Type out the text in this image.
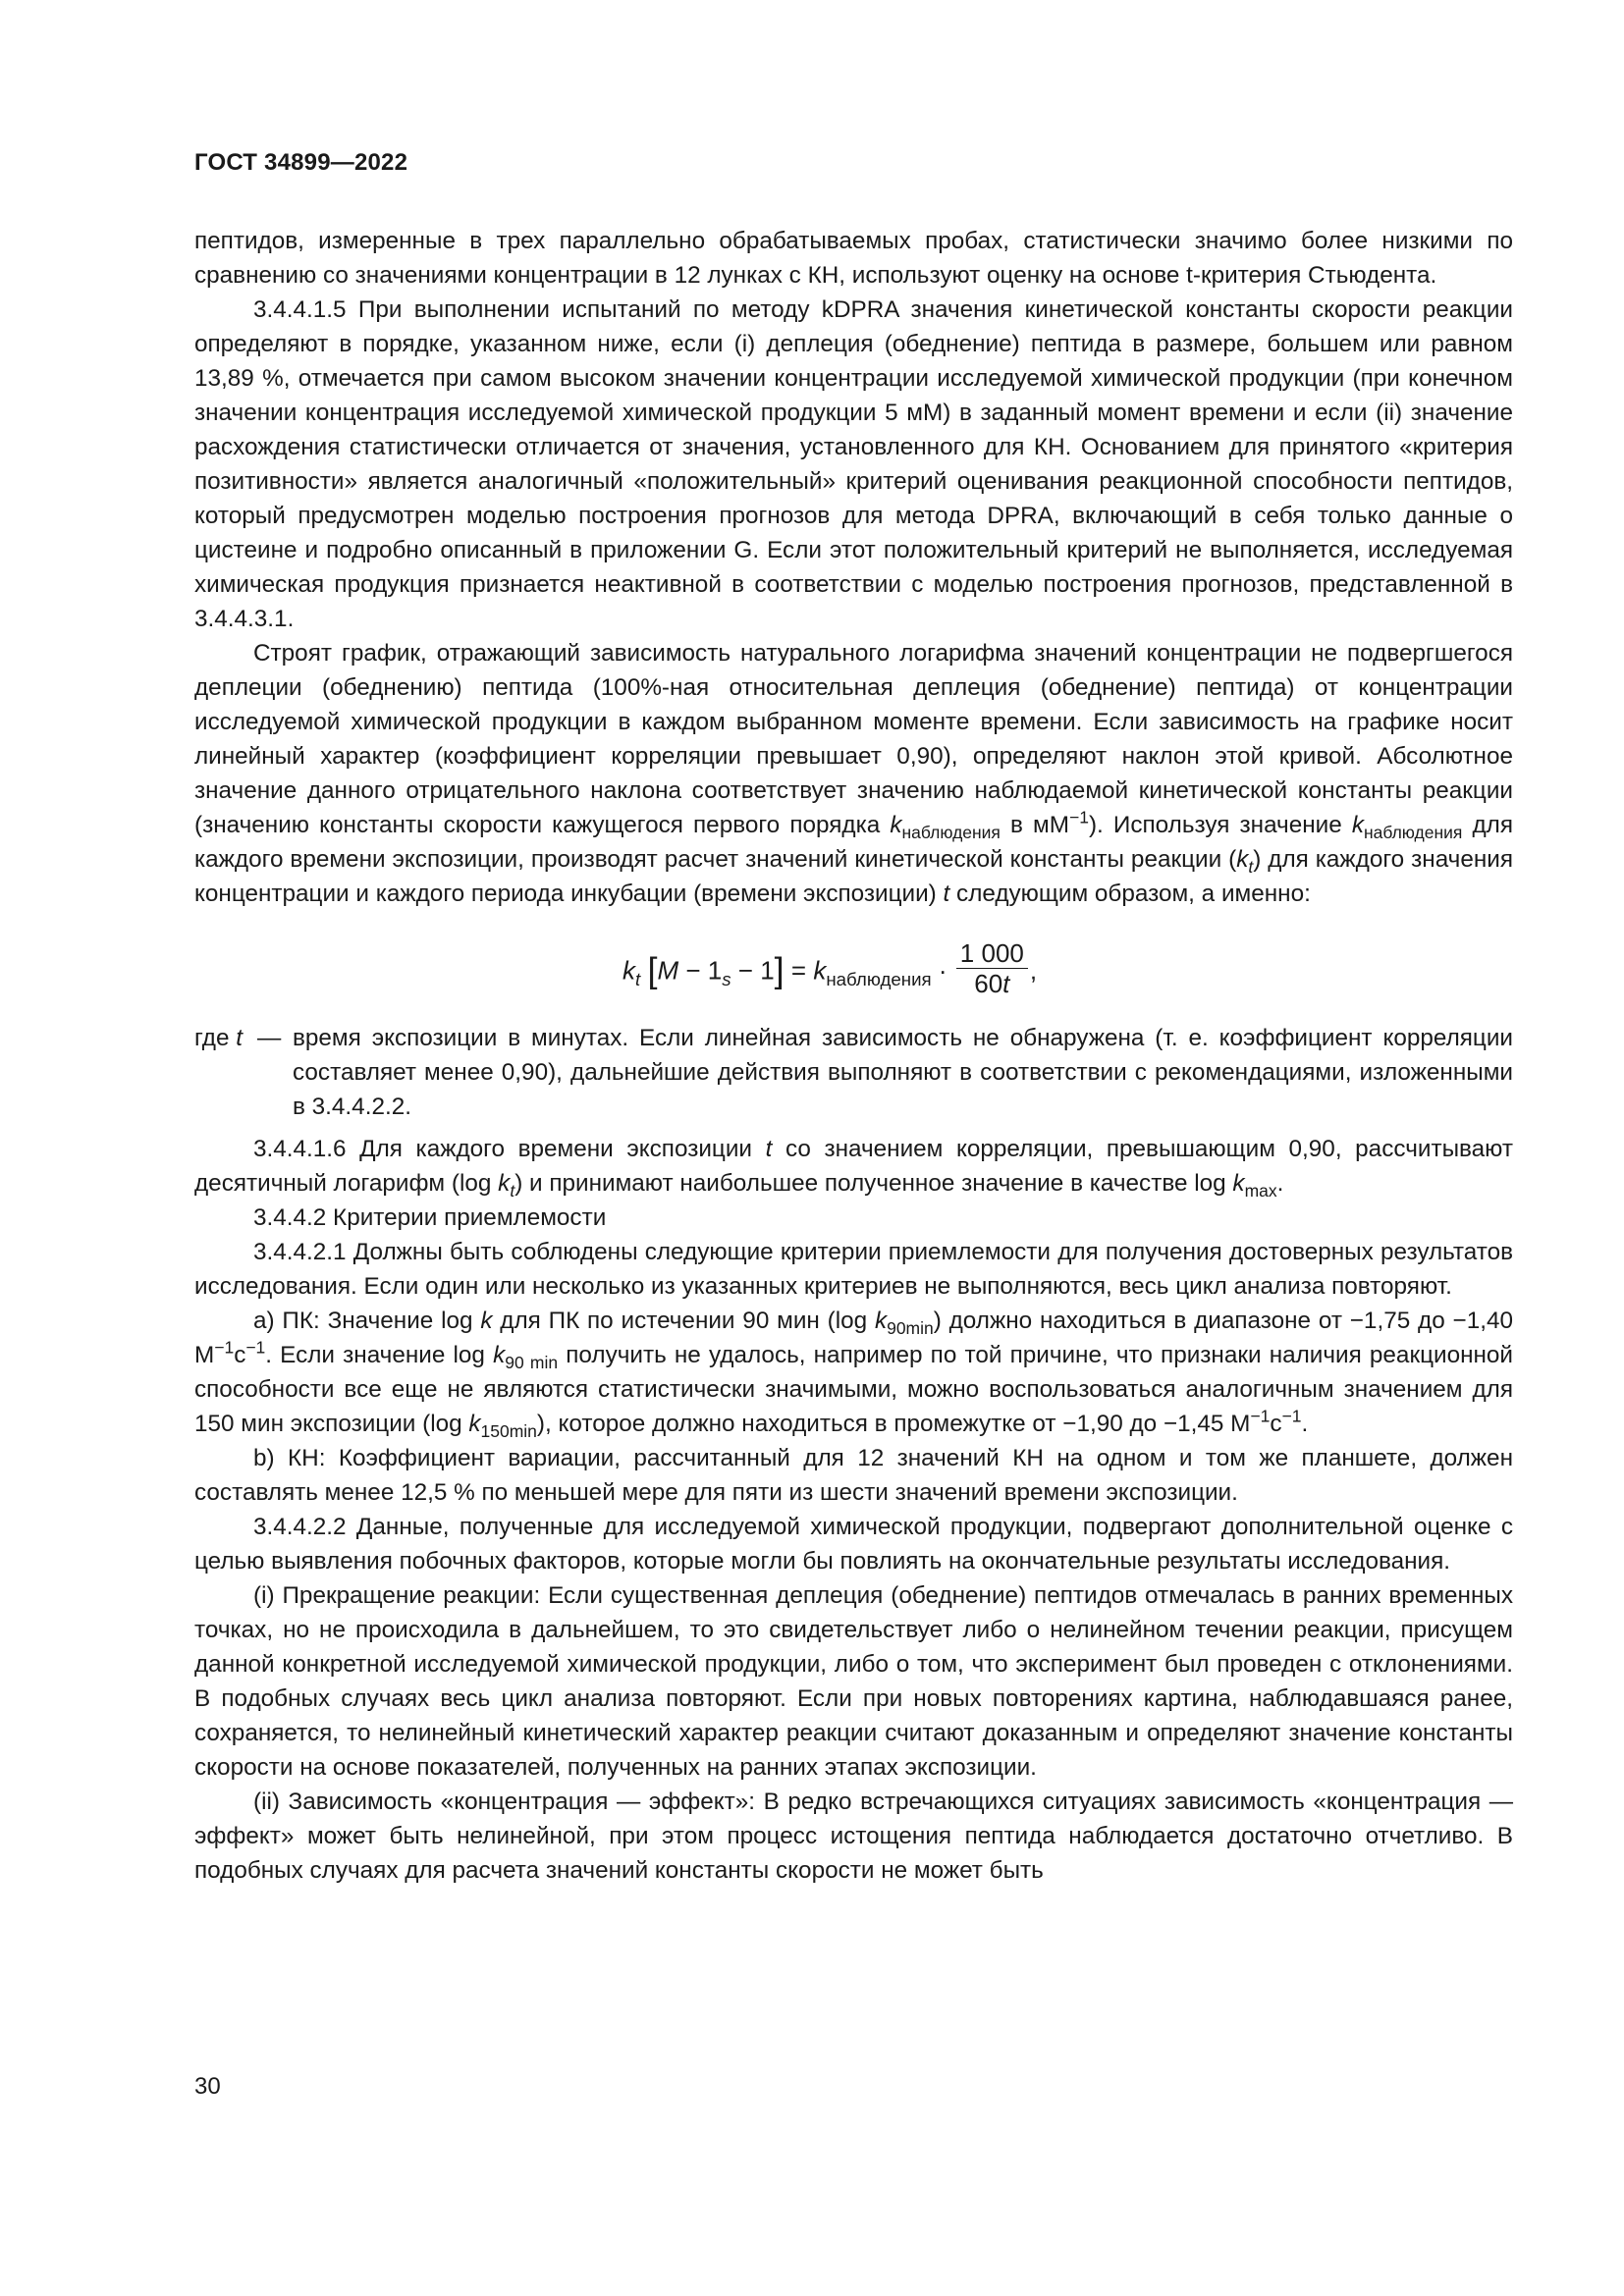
ГОСТ 34899—2022

пептидов, измеренные в трех параллельно обрабатываемых пробах, статистически значимо более низкими по сравнению со значениями концентрации в 12 лунках с КН, используют оценку на основе t-критерия Стьюдента.

3.4.4.1.5 При выполнении испытаний по методу kDPRA значения кинетической константы скорости реакции определяют в порядке, указанном ниже, если (i) деплеция (обеднение) пептида в размере, большем или равном 13,89 %, отмечается при самом высоком значении концентрации исследуемой химической продукции (при конечном значении концентрация исследуемой химической продукции 5 мМ) в заданный момент времени и если (ii) значение расхождения статистически отличается от значения, установленного для КН. Основанием для принятого «критерия позитивности» является аналогичный «положительный» критерий оценивания реакционной способности пептидов, который предусмотрен моделью построения прогнозов для метода DPRA, включающий в себя только данные о цистеине и подробно описанный в приложении G. Если этот положительный критерий не выполняется, исследуемая химическая продукция признается неактивной в соответствии с моделью построения прогнозов, представленной в 3.4.4.3.1.

Строят график, отражающий зависимость натурального логарифма значений концентрации не подвергшегося деплеции (обеднению) пептида (100%-ная относительная деплеция (обеднение) пептида) от концентрации исследуемой химической продукции в каждом выбранном моменте времени. Если зависимость на графике носит линейный характер (коэффициент корреляции превышает 0,90), определяют наклон этой кривой. Абсолютное значение данного отрицательного наклона соответствует значению наблюдаемой кинетической константы реакции (значению константы скорости кажущегося первого порядка $k_{наблюдения}$ в $мМ^{-1}$). Используя значение $k_{наблюдения}$ для каждого времени экспозиции, производят расчет значений кинетической константы реакции $(k_t)$ для каждого значения концентрации и каждого периода инкубации (времени экспозиции) t следующим образом, а именно:

$k_t$ $[M - 1_s - 1] = k_{наблюдения} \cdot \frac{1 000}{60t}$ ,
где t — время экспозиции в минутах. Если линейная зависимость не обнаружена (т. е. коэффициент корреляции составляет менее 0,90), дальнейшие действия выполняют в соответствии с рекомендациями, изложенными в 3.4.4.2.2.

3.4.4.1.6 Для каждого времени экспозиции t со значением корреляции, превышающим 0,90, рассчитывают десятичный логарифм (log $k_t$) и принимают наибольшее полученное значение в качестве $\log k_{max}$.

3.4.4.2 Критерии приемлемости

3.4.4.2.1 Должны быть соблюдены следующие критерии приемлемости для получения достоверных результатов исследования. Если один или несколько из указанных критериев не выполняются, весь цикл анализа повторяют.

а) ПК: Значение log k для ПК по истечении 90 мин (log $k_{90min}$) должно находиться в диапазоне от −1,75 до −1,40 $М^{-1}с^{-1}$. Если значение $\log k_{90 min}$ получить не удалось, например по той причине, что признаки наличия реакционной способности все еще не являются статистически значимыми, можно воспользоваться аналогичным значением для 150 мин экспозиции (log $k_{150min}$), которое должно находиться в промежутке от −1,90 до −1,45 $М^{-1}с^{-1}$.

b) КН: Коэффициент вариации, рассчитанный для 12 значений КН на одном и том же планшете, должен составлять менее 12,5 % по меньшей мере для пяти из шести значений времени экспозиции.

3.4.4.2.2 Данные, полученные для исследуемой химической продукции, подвергают дополнительной оценке с целью выявления побочных факторов, которые могли бы повлиять на окончательные результаты исследования.

(i) Прекращение реакции: Если существенная деплеция (обеднение) пептидов отмечалась в ранних временных точках, но не происходила в дальнейшем, то это свидетельствует либо о нелинейном течении реакции, присущем данной конкретной исследуемой химической продукции, либо о том, что эксперимент был проведен с отклонениями. В подобных случаях весь цикл анализа повторяют. Если при новых повторениях картина, наблюдавшаяся ранее, сохраняется, то нелинейный кинетический характер реакции считают доказанным и определяют значение константы скорости на основе показателей, полученных на ранних этапах экспозиции.

(ii) Зависимость «концентрация — эффект»: В редко встречающихся ситуациях зависимость «концентрация — эффект» может быть нелинейной, при этом процесс истощения пептида наблюдается достаточно отчетливо. В подобных случаях для расчета значений константы скорости не может быть

30
